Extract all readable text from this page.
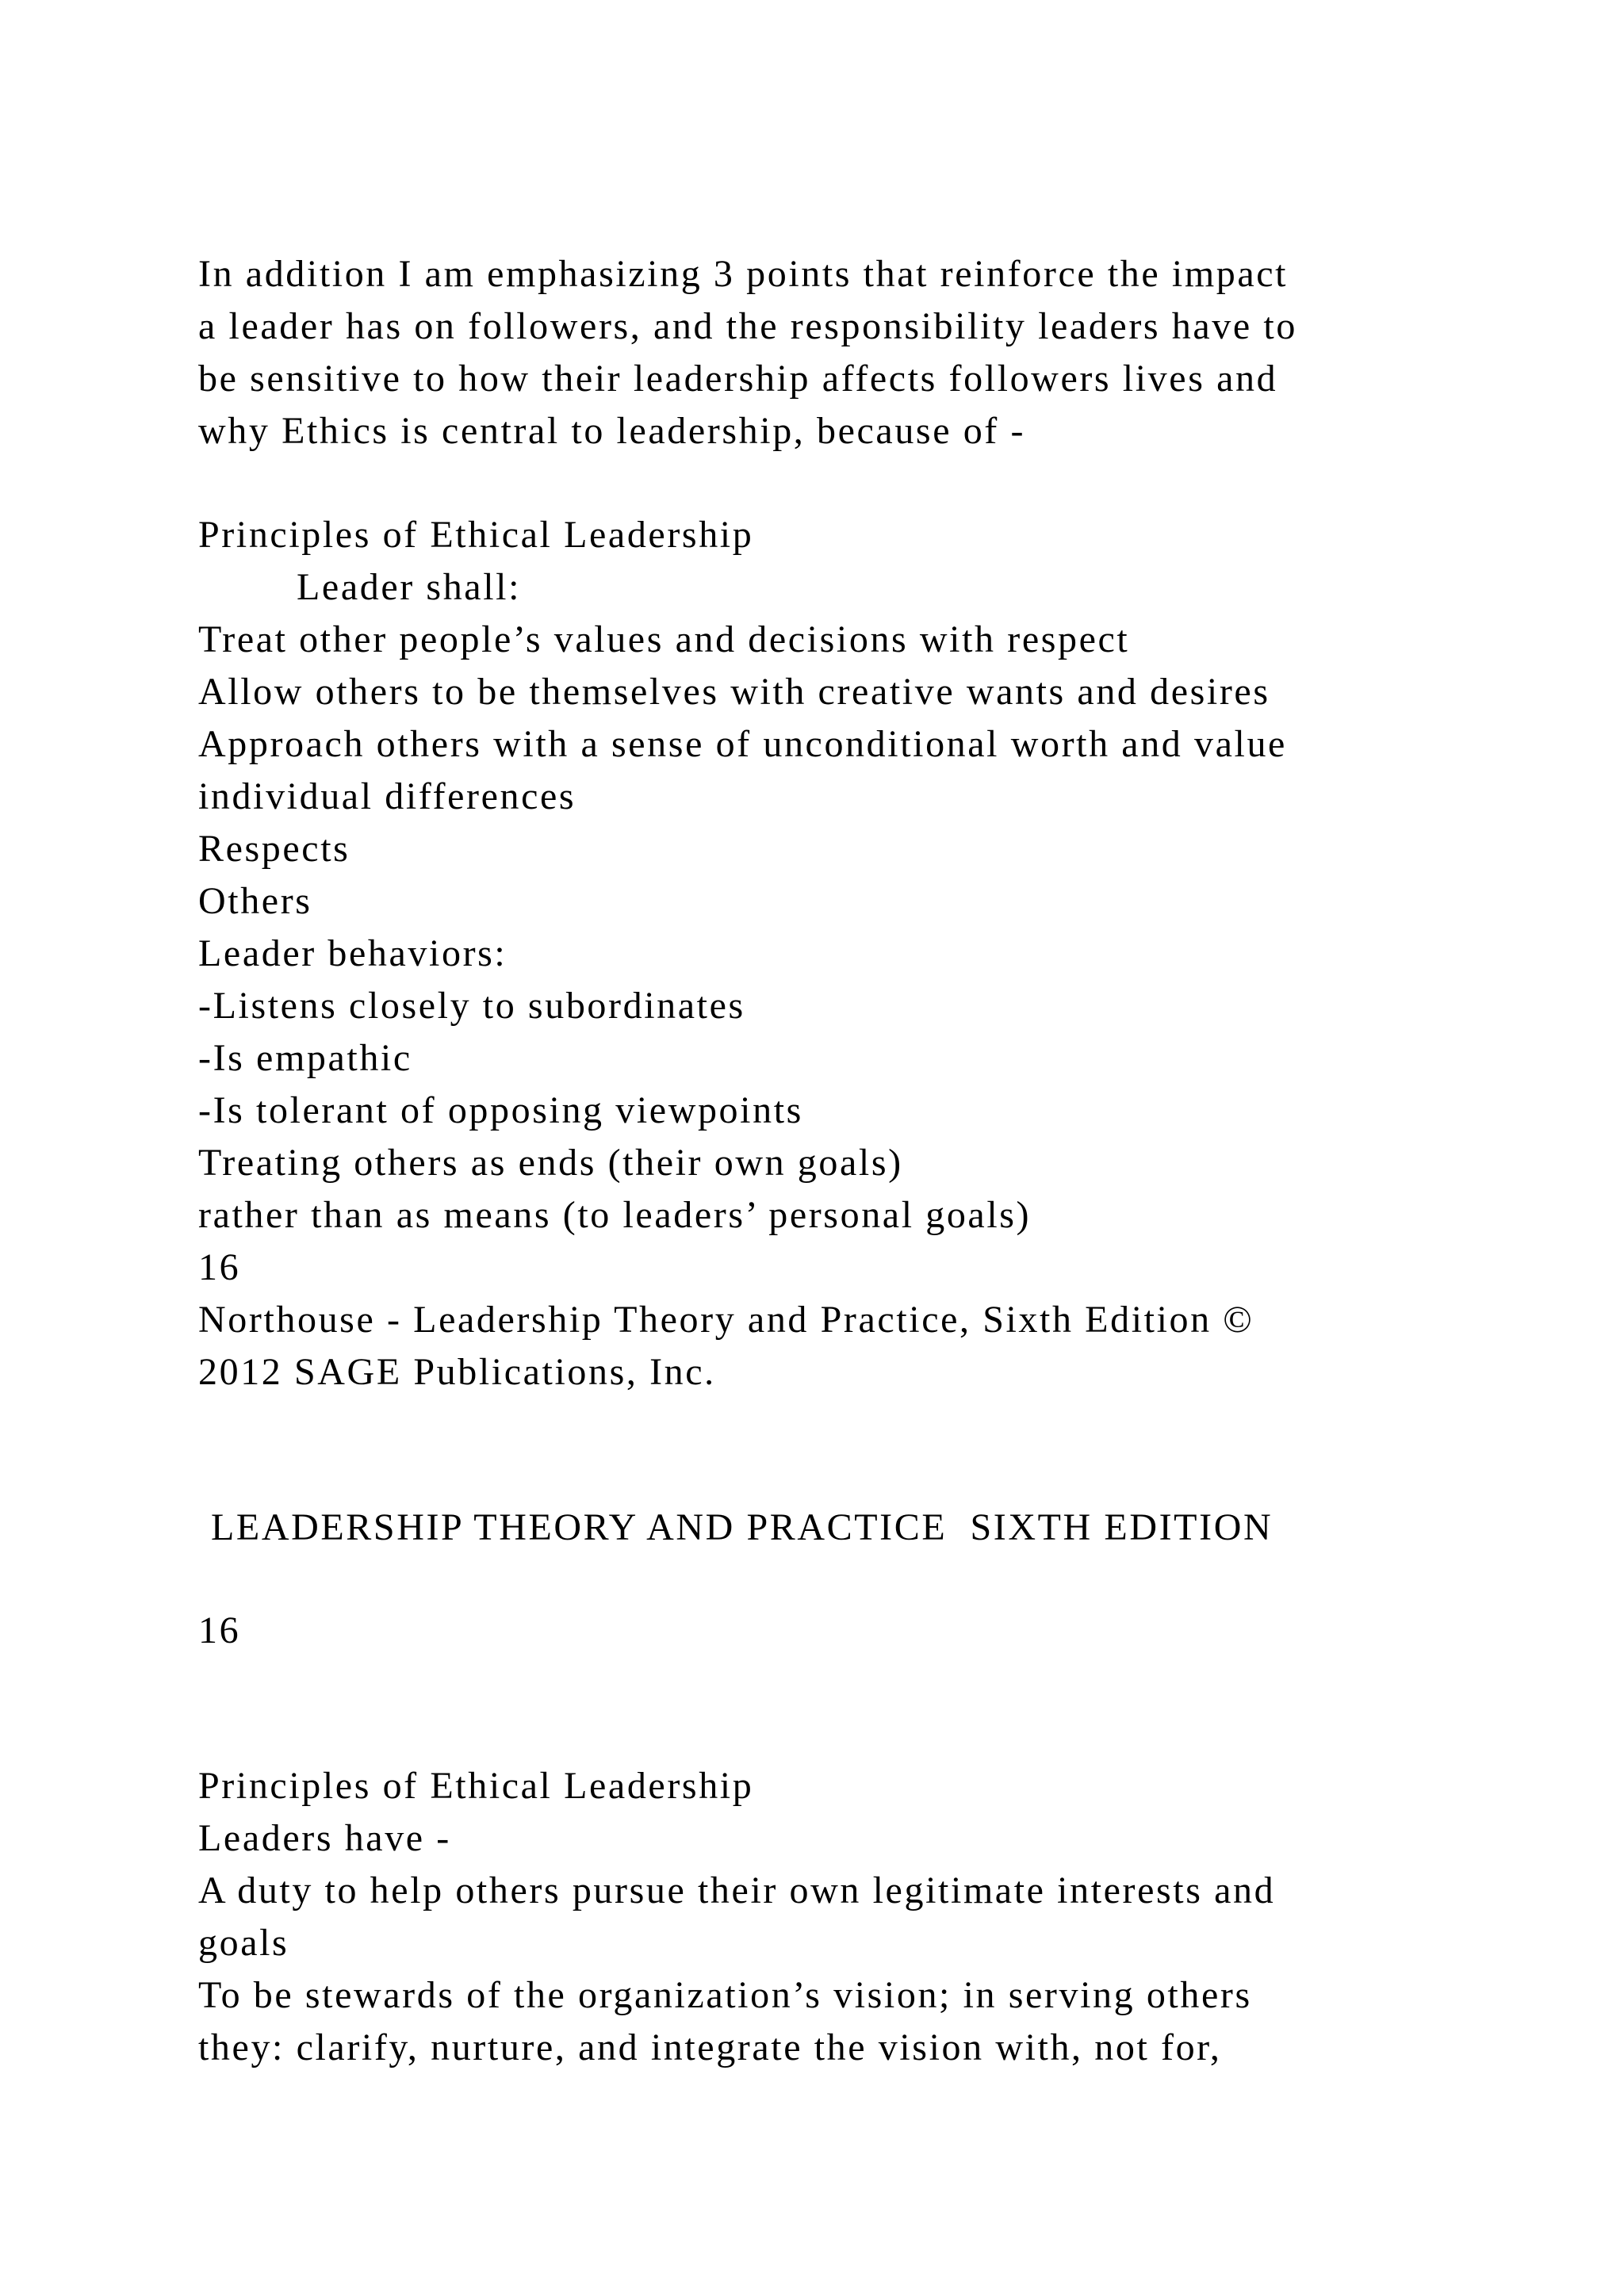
In addition I am emphasizing 3 points that reinforce the impact
a leader has on followers, and the responsibility leaders have to
be sensitive to how their leadership affects followers lives and
why Ethics is central to leadership, because of -
Principles of Ethical Leadership
Leader shall:
Treat other people’s values and decisions with respect
Allow others to be themselves with creative wants and desires
Approach others with a sense of unconditional worth and value
individual differences
Respects
Others
Leader behaviors:
-Listens closely to subordinates
-Is empathic
-Is tolerant of opposing viewpoints
Treating others as ends (their own goals)
rather than as means (to leaders’ personal goals)
16
Northouse - Leadership Theory and Practice, Sixth Edition ©
2012 SAGE Publications, Inc.
LEADERSHIP THEORY AND PRACTICE  SIXTH EDITION
16
Principles of Ethical Leadership
Leaders have -
A duty to help others pursue their own legitimate interests and
goals
To be stewards of the organization’s vision; in serving others
they: clarify, nurture, and integrate the vision with, not for,
